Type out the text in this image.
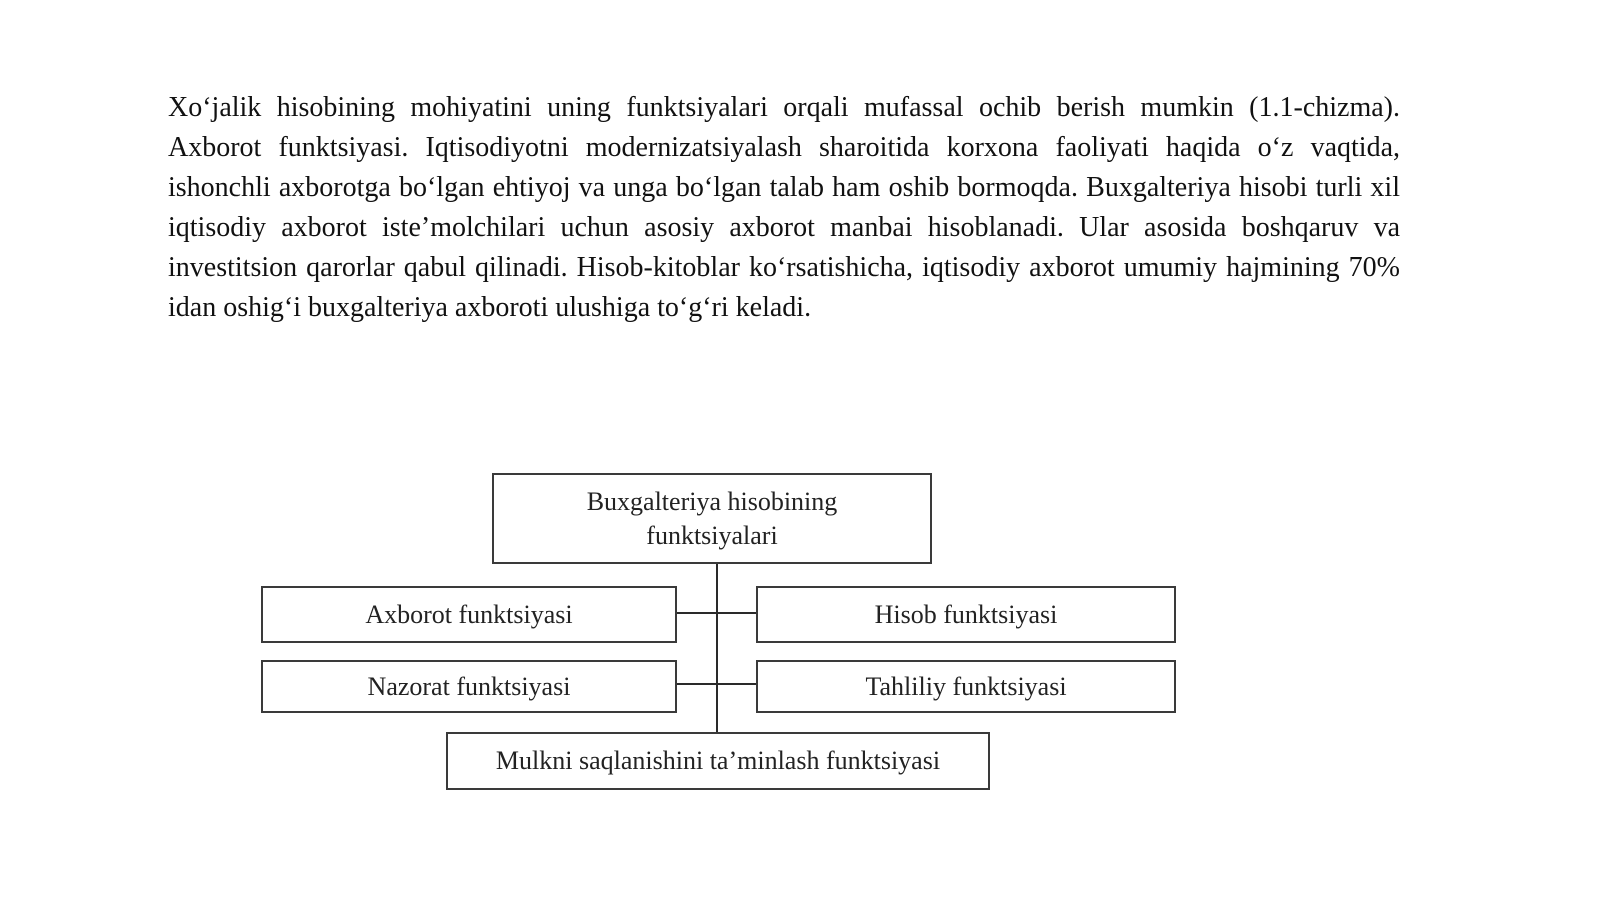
Xo‘jalik hisobining mohiyatini uning funktsiyalari orqali mufassal ochib berish mumkin (1.1-chizma). Axborot funktsiyasi. Iqtisodiyotni modernizatsiyalash sharoitida korxona faoliyati haqida o‘z vaqtida, ishonchli axborotga bo‘lgan ehtiyoj va unga bo‘lgan talab ham oshib bormoqda. Buxgalteriya hisobi turli xil iqtisodiy axborot iste’molchilari uchun asosiy axborot manbai hisoblanadi. Ular asosida boshqaruv va investitsion qarorlar qabul qilinadi. Hisob-kitoblar ko‘rsatishicha, iqtisodiy axborot umumiy hajmining 70% idan oshig‘i buxgalteriya axboroti ulushiga to‘g‘ri keladi.

Buxgalteriya hisobining
funktsiyalari
Axborot funktsiyasi	Hisob funktsiyasi
Nazorat funktsiyasi	Tahliliy funktsiyasi
Mulkni saqlanishini ta’minlash funktsiyasi
